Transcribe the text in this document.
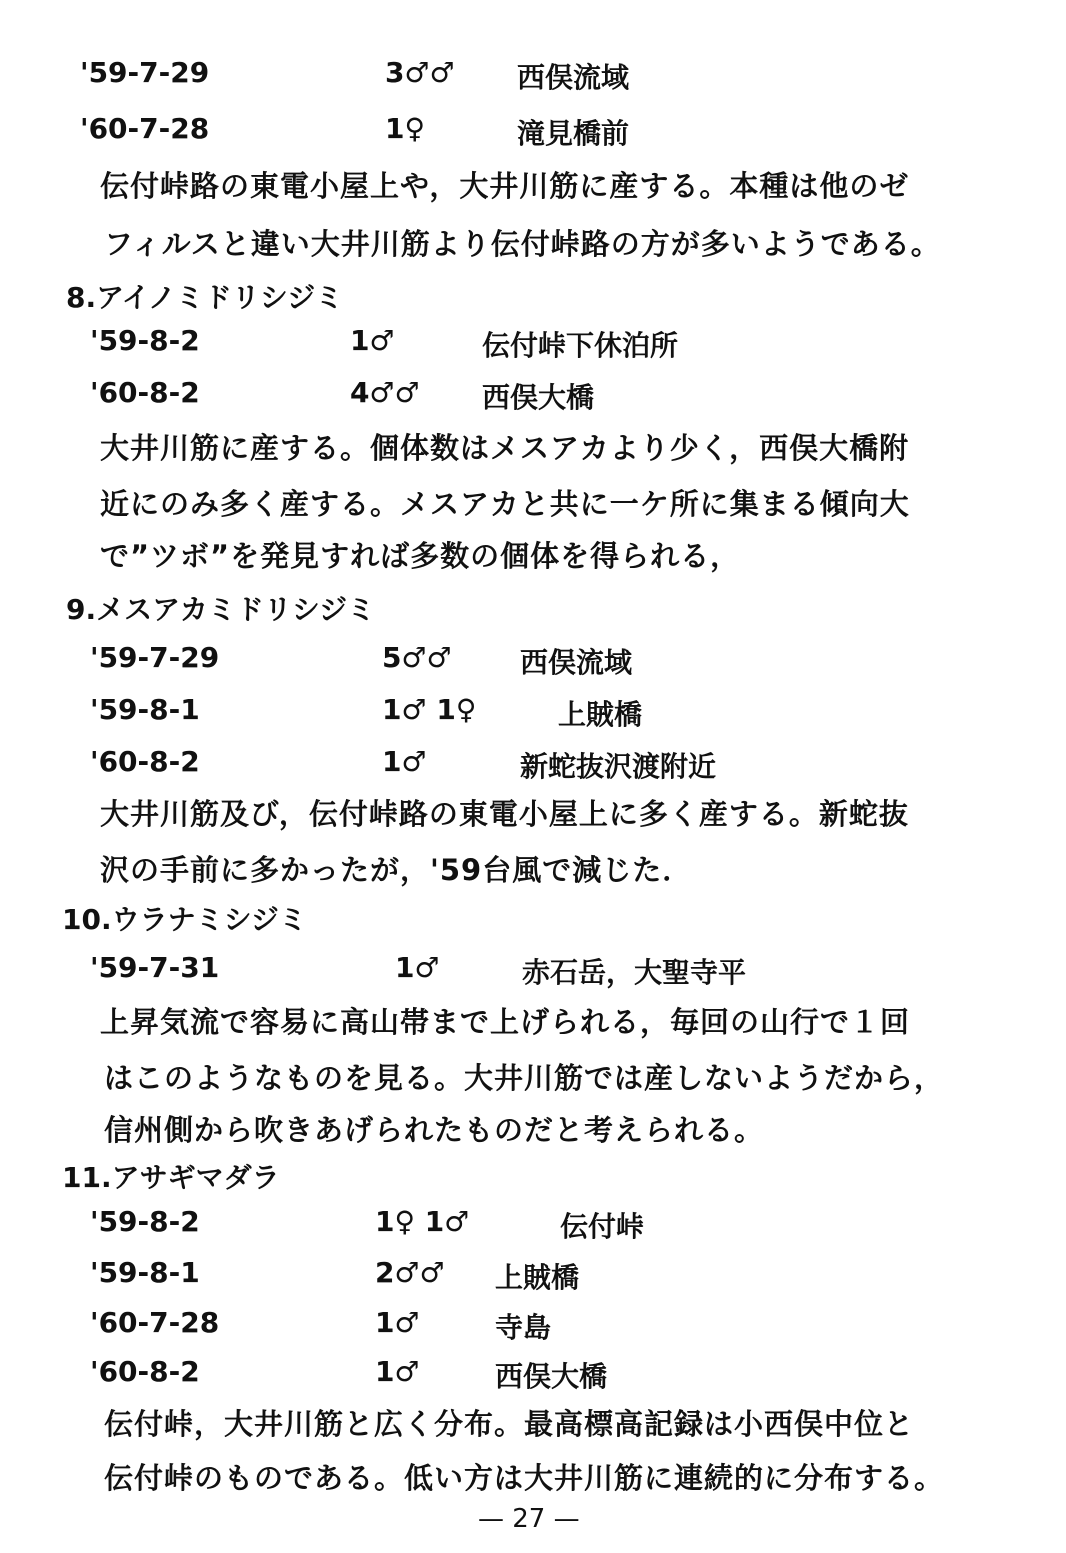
'59-7-29	3♂♂ 西俣流域
'60-7-28	1♀	滝見橋前
伝付峠路の東電小屋上や，大井川筋に産する。本種は他のゼ
フィルスと違い大井川筋より伝付峠路の方が多いようである。
8.アイノミドリシジミ
'59-8-2	1♂	伝付峠下休泊所
'60-8-2	4♂♂ 西俣大橋
大井川筋に産する。個体数はメスアカより少く，西俣大橋附
近にのみ多く産する。メスアカと共に一ケ所に集まる傾向大
で”ツボ”を発見すれば多数の個体を得られる，
9.メスアカミドリシジミ
'59-7-29	5♂♂ 西俣流域
'59-8-1	1♂ 1♀	上賊橋
'60-8-2	1♂	新蛇抜沢渡附近
大井川筋及び，伝付峠路の東電小屋上に多く産する。新蛇抜
沢の手前に多かったが，'59台風で減じた．
10.ウラナミシジミ
'59-7-31	1♂	赤石岳，大聖寺平
上昇気流で容易に高山帯まで上げられる，毎回の山行で１回
はこのようなものを見る。大井川筋では産しないようだから，
信州側から吹きあげられたものだと考えられる。
11.アサギマダラ
'59-8-2	1♀ 1♂	伝付峠
'59-8-1	2♂♂ 上賊橋
'60-7-28	1♂	寺島
'60-8-2	1♂	西俣大橋
伝付峠，大井川筋と広く分布。最高標高記録は小西俣中位と
伝付峠のものである。低い方は大井川筋に連続的に分布する。
— 27 —
